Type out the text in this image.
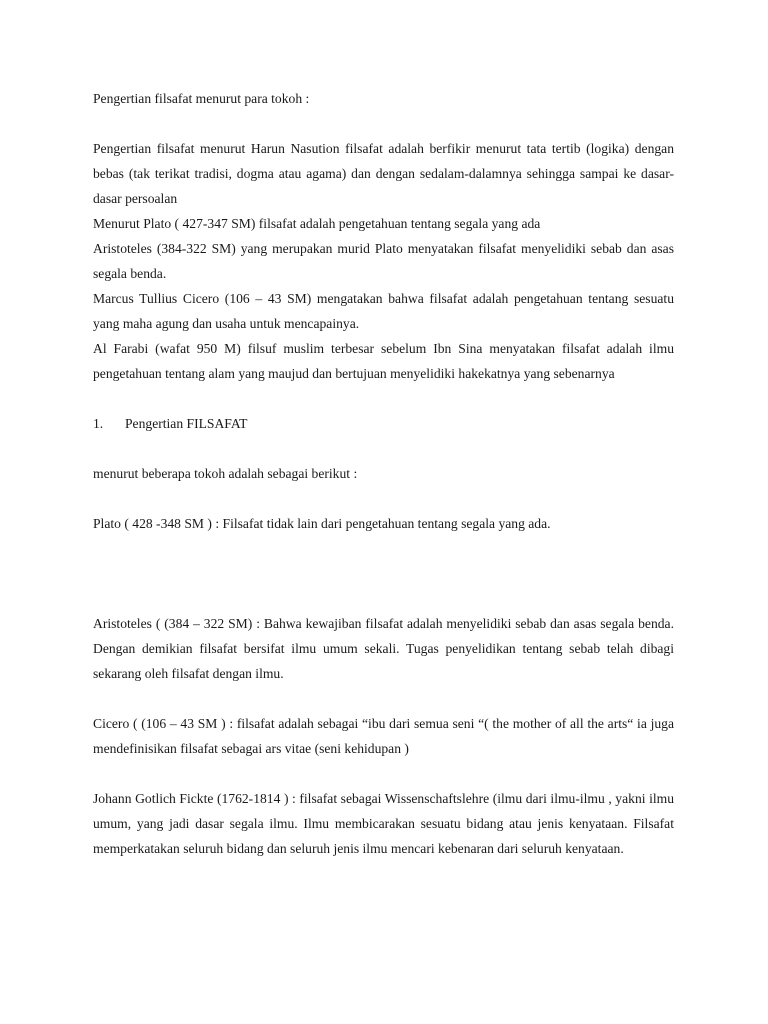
Pengertian filsafat menurut para tokoh :

Pengertian filsafat menurut Harun Nasution filsafat adalah berfikir menurut tata tertib (logika) dengan bebas (tak terikat tradisi, dogma atau agama) dan dengan sedalam-dalamnya sehingga sampai ke dasar-dasar persoalan

Menurut Plato ( 427-347 SM) filsafat adalah pengetahuan tentang segala yang ada

Aristoteles (384-322 SM) yang merupakan murid Plato menyatakan filsafat menyelidiki sebab dan asas segala benda.

Marcus Tullius Cicero (106 – 43 SM) mengatakan bahwa filsafat adalah pengetahuan tentang sesuatu yang maha agung dan usaha untuk mencapainya.

Al Farabi (wafat 950 M) filsuf muslim terbesar sebelum Ibn Sina menyatakan filsafat adalah ilmu pengetahuan tentang alam yang maujud dan bertujuan menyelidiki hakekatnya yang sebenarnya

1.	Pengertian FILSAFAT

menurut beberapa tokoh adalah sebagai berikut :

Plato ( 428 -348 SM ) : Filsafat tidak lain dari pengetahuan tentang segala yang ada.

Aristoteles ( (384 – 322 SM) : Bahwa kewajiban filsafat adalah menyelidiki sebab dan asas segala benda. Dengan demikian filsafat bersifat ilmu umum sekali. Tugas penyelidikan tentang sebab telah dibagi sekarang oleh filsafat dengan ilmu.

Cicero ( (106 – 43 SM ) : filsafat adalah sebagai “ibu dari semua seni “( the mother of all the arts“ ia juga mendefinisikan filsafat sebagai ars vitae (seni kehidupan )

Johann Gotlich Fickte (1762-1814 ) : filsafat sebagai Wissenschaftslehre (ilmu dari ilmu-ilmu , yakni ilmu umum, yang jadi dasar segala ilmu. Ilmu membicarakan sesuatu bidang atau jenis kenyataan. Filsafat memperkatakan seluruh bidang dan seluruh jenis ilmu mencari kebenaran dari seluruh kenyataan.
